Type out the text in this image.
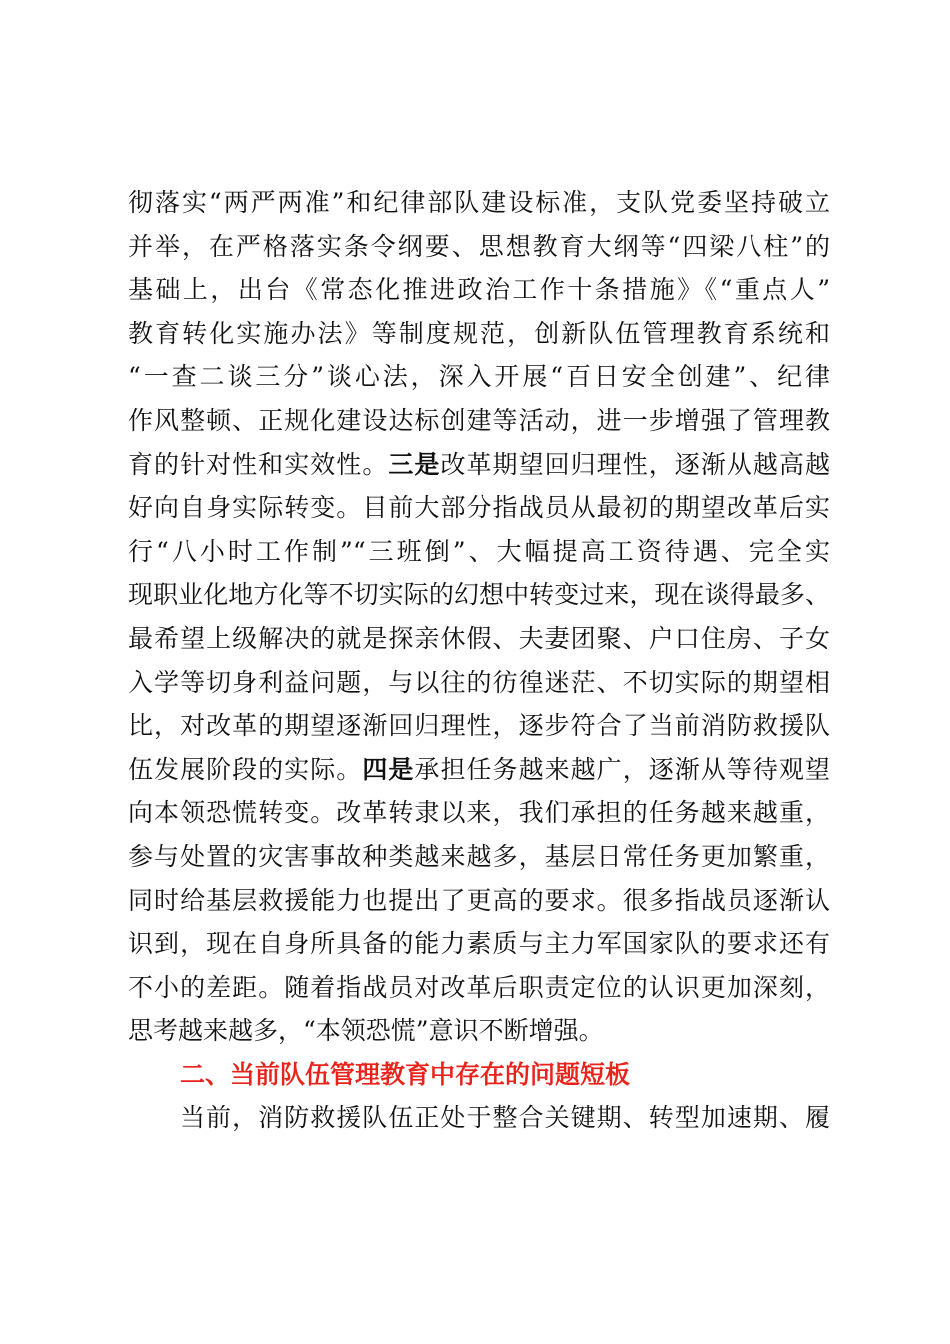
彻落实“两严两准”和纪律部队建设标准，支队党委坚持破立
并举，在严格落实条令纲要、思想教育大纲等“四梁八柱”的
基础上，出台《常态化推进政治工作十条措施》《“重点人”
教育转化实施办法》等制度规范，创新队伍管理教育系统和
“一查二谈三分”谈心法，深入开展“百日安全创建”、纪律
作风整顿、正规化建设达标创建等活动，进一步增强了管理教
育的针对性和实效性。三是改革期望回归理性，逐渐从越高越
好向自身实际转变。目前大部分指战员从最初的期望改革后实
行“八小时工作制”“三班倒”、大幅提高工资待遇、完全实
现职业化地方化等不切实际的幻想中转变过来，现在谈得最多、
最希望上级解决的就是探亲休假、夫妻团聚、户口住房、子女
入学等切身利益问题，与以往的彷徨迷茫、不切实际的期望相
比，对改革的期望逐渐回归理性，逐步符合了当前消防救援队
伍发展阶段的实际。四是承担任务越来越广，逐渐从等待观望
向本领恐慌转变。改革转隶以来，我们承担的任务越来越重，
参与处置的灾害事故种类越来越多，基层日常任务更加繁重，
同时给基层救援能力也提出了更高的要求。很多指战员逐渐认
识到，现在自身所具备的能力素质与主力军国家队的要求还有
不小的差距。随着指战员对改革后职责定位的认识更加深刻，
思考越来越多，“本领恐慌”意识不断增强。
二、当前队伍管理教育中存在的问题短板
当前，消防救援队伍正处于整合关键期、转型加速期、履
